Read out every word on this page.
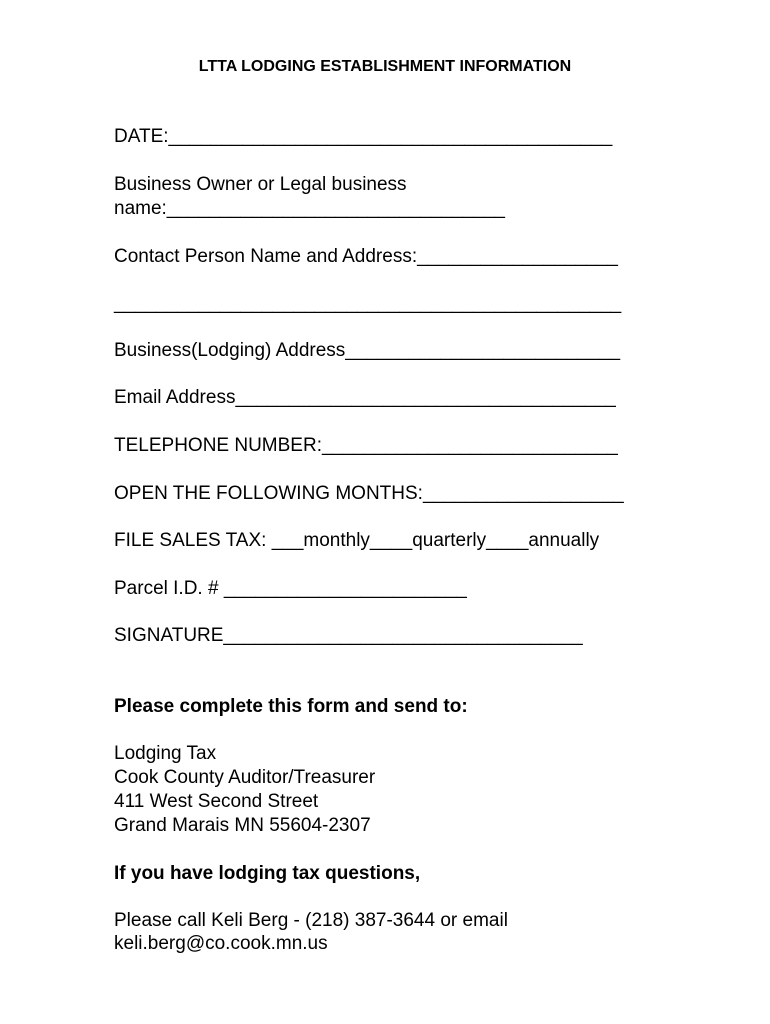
LTTA LODGING ESTABLISHMENT INFORMATION
DATE:__________________________________________
Business Owner or Legal business
name:________________________________
Contact Person Name and Address:___________________
________________________________________________
Business(Lodging) Address__________________________
Email Address____________________________________
TELEPHONE NUMBER:____________________________
OPEN THE FOLLOWING MONTHS:___________________
FILE SALES TAX: ___monthly____quarterly____annually
Parcel I.D. # _______________________
SIGNATURE__________________________________
Please complete this form and send to:
Lodging Tax
Cook County Auditor/Treasurer
411 West Second Street
Grand Marais MN 55604-2307
If you have lodging tax questions,
Please call Keli Berg - (218) 387-3644 or email
keli.berg@co.cook.mn.us
